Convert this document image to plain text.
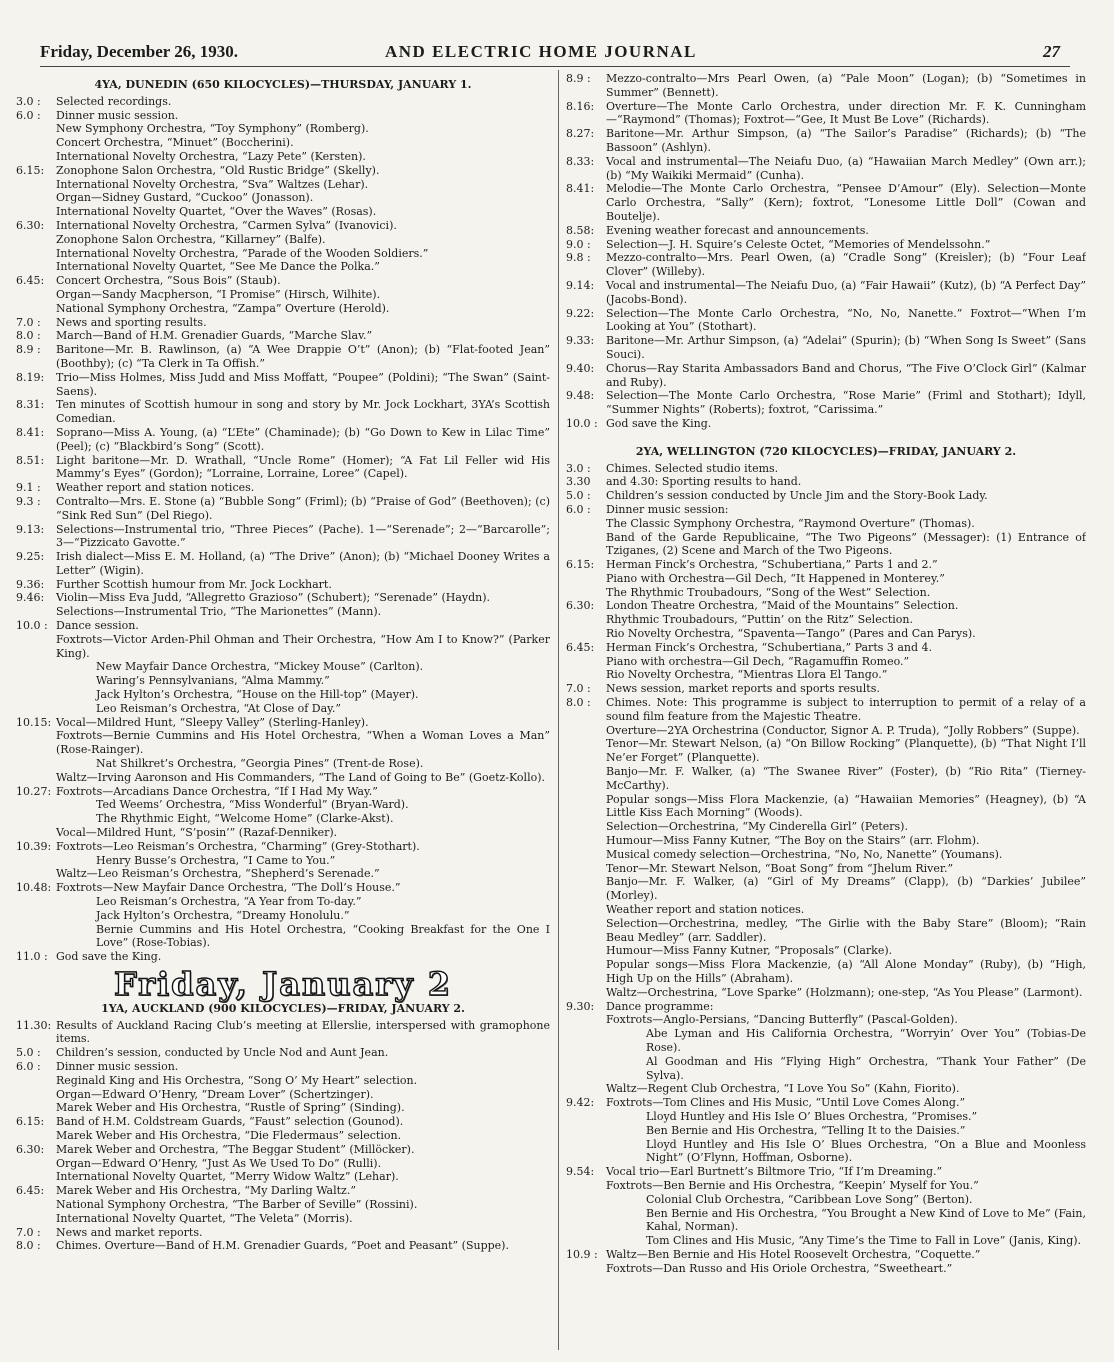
Friday, December 26, 1930.	AND ELECTRIC HOME JOURNAL	27
4YA, DUNEDIN (650 KILOCYCLES)—THURSDAY, JANUARY 1.
3.0 :	Selected recordings.
6.0 :	Dinner music session.
New Symphony Orchestra, “Toy Symphony” (Romberg).
Concert Orchestra, “Minuet” (Boccherini).
International Novelty Orchestra, “Lazy Pete” (Kersten).
6.15:	Zonophone Salon Orchestra, “Old Rustic Bridge” (Skelly).
International Novelty Orchestra, “Sva” Waltzes (Lehar).
Organ—Sidney Gustard, “Cuckoo” (Jonasson).
International Novelty Quartet, “Over the Waves” (Rosas).
6.30:	International Novelty Orchestra, “Carmen Sylva” (Ivanovici).
Zonophone Salon Orchestra, “Killarney” (Balfe).
International Novelty Orchestra, “Parade of the Wooden Soldiers.”
International Novelty Quartet, “See Me Dance the Polka.”
6.45:	Concert Orchestra, “Sous Bois” (Staub).
Organ—Sandy Macpherson, “I Promise” (Hirsch, Wilhite).
National Symphony Orchestra, “Zampa” Overture (Herold).
7.0 :	News and sporting results.
8.0 :	March—Band of H.M. Grenadier Guards, “Marche Slav.”
8.9 :	Baritone—Mr. B. Rawlinson, (a) “A Wee Drappie O’t” (Anon); (b) “Flat-footed Jean” (Boothby); (c) “Ta Clerk in Ta Offish.”
8.19:	Trio—Miss Holmes, Miss Judd and Miss Moffatt, “Poupee” (Poldini); “The Swan” (Saint-Saens).
8.31:	Ten minutes of Scottish humour in song and story by Mr. Jock Lockhart, 3YA’s Scottish Comedian.
8.41:	Soprano—Miss A. Young, (a) “L’Ete” (Chaminade); (b) “Go Down to Kew in Lilac Time” (Peel); (c) “Blackbird’s Song” (Scott).
8.51:	Light baritone—Mr. D. Wrathall, “Uncle Rome” (Homer); “A Fat Lil Feller wid His Mammy’s Eyes” (Gordon); “Lorraine, Lorraine, Loree” (Capel).
9.1 :	Weather report and station notices.
9.3 :	Contralto—Mrs. E. Stone (a) “Bubble Song” (Friml); (b) “Praise of God” (Beethoven); (c) “Sink Red Sun” (Del Riego).
9.13:	Selections—Instrumental trio, “Three Pieces” (Pache). 1—“Serenade”; 2—“Barcarolle”; 3—“Pizzicato Gavotte.”
9.25:	Irish dialect—Miss E. M. Holland, (a) “The Drive” (Anon); (b) “Michael Dooney Writes a Letter” (Wigin).
9.36:	Further Scottish humour from Mr. Jock Lockhart.
9.46:	Violin—Miss Eva Judd, “Allegretto Grazioso” (Schubert); “Serenade” (Haydn).
Selections—Instrumental Trio, “The Marionettes” (Mann).
10.0 : Dance session.
Foxtrots—Victor Arden-Phil Ohman and Their Orchestra, “How Am I to Know?” (Parker King).
New Mayfair Dance Orchestra, “Mickey Mouse” (Carlton).
Waring’s Pennsylvanians, “Alma Mammy.”
Jack Hylton’s Orchestra, “House on the Hill-top” (Mayer).
Leo Reisman’s Orchestra, “At Close of Day.”
10.15: Vocal—Mildred Hunt, “Sleepy Valley” (Sterling-Hanley).
Foxtrots—Bernie Cummins and His Hotel Orchestra, “When a Woman Loves a Man” (Rose-Rainger).
Nat Shilkret’s Orchestra, “Georgia Pines” (Trent-de Rose).
Waltz—Irving Aaronson and His Commanders, “The Land of Going to Be” (Goetz-Kollo).
10.27: Foxtrots—Arcadians Dance Orchestra, “If I Had My Way.”
Ted Weems’ Orchestra, “Miss Wonderful” (Bryan-Ward).
The Rhythmic Eight, “Welcome Home” (Clarke-Akst).
Vocal—Mildred Hunt, “S’posin’” (Razaf-Denniker).
10.39: Foxtrots—Leo Reisman’s Orchestra, “Charming” (Grey-Stothart).
Henry Busse’s Orchestra, “I Came to You.”
Waltz—Leo Reisman’s Orchestra, “Shepherd’s Serenade.”
10.48: Foxtrots—New Mayfair Dance Orchestra, “The Doll’s House.”
Leo Reisman’s Orchestra, “A Year from To-day.”
Jack Hylton’s Orchestra, “Dreamy Honolulu.”
Bernie Cummins and His Hotel Orchestra, “Cooking Breakfast for the One I Love” (Rose-Tobias).
11.0 : God save the King.
Friday, January 2
1YA, AUCKLAND (900 KILOCYCLES)—FRIDAY, JANUARY 2.
11.30: Results of Auckland Racing Club’s meeting at Ellerslie, interspersed with gramophone items.
5.0 :	Children’s session, conducted by Uncle Nod and Aunt Jean.
6.0 :	Dinner music session.
Reginald King and His Orchestra, “Song O’ My Heart” selection.
Organ—Edward O’Henry, “Dream Lover” (Schertzinger).
Marek Weber and His Orchestra, “Rustle of Spring” (Sinding).
6.15:	Band of H.M. Coldstream Guards, “Faust” selection (Gounod).
Marek Weber and His Orchestra, “Die Fledermaus” selection.
6.30:	Marek Weber and Orchestra, “The Beggar Student” (Millöcker).
Organ—Edward O’Henry, “Just As We Used To Do” (Rulli).
International Novelty Quartet, “Merry Widow Waltz” (Lehar).
6.45:	Marek Weber and His Orchestra, “My Darling Waltz.”
National Symphony Orchestra, “The Barber of Seville” (Rossini).
International Novelty Quartet, “The Veleta” (Morris).
7.0 :	News and market reports.
8.0 :	Chimes. Overture—Band of H.M. Grenadier Guards, “Poet and Peasant” (Suppe).
8.9 :	Mezzo-contralto—Mrs Pearl Owen, (a) “Pale Moon” (Logan); (b) “Sometimes in Summer” (Bennett).
8.16:	Overture—The Monte Carlo Orchestra, under direction Mr. F. K. Cunningham—“Raymond” (Thomas); Foxtrot—“Gee, It Must Be Love” (Richards).
8.27:	Baritone—Mr. Arthur Simpson, (a) “The Sailor’s Paradise” (Richards); (b) “The Bassoon” (Ashlyn).
8.33:	Vocal and instrumental—The Neiafu Duo, (a) “Hawaiian March Medley” (Own arr.); (b) “My Waikiki Mermaid” (Cunha).
8.41:	Melodie—The Monte Carlo Orchestra, “Pensee D’Amour” (Ely). Selection—Monte Carlo Orchestra, “Sally” (Kern); foxtrot, “Lonesome Little Doll” (Cowan and Boutelje).
8.58:	Evening weather forecast and announcements.
9.0 :	Selection—J. H. Squire’s Celeste Octet, “Memories of Mendelssohn.”
9.8 :	Mezzo-contralto—Mrs. Pearl Owen, (a) “Cradle Song” (Kreisler); (b) “Four Leaf Clover” (Willeby).
9.14:	Vocal and instrumental—The Neiafu Duo, (a) “Fair Hawaii” (Kutz), (b) “A Perfect Day” (Jacobs-Bond).
9.22:	Selection—The Monte Carlo Orchestra, “No, No, Nanette.” Foxtrot—“When I’m Looking at You” (Stothart).
9.33:	Baritone—Mr. Arthur Simpson, (a) “Adelai” (Spurin); (b) “When Song Is Sweet” (Sans Souci).
9.40:	Chorus—Ray Starita Ambassadors Band and Chorus, “The Five O’Clock Girl” (Kalmar and Ruby).
9.48:	Selection—The Monte Carlo Orchestra, “Rose Marie” (Friml and Stothart); Idyll, “Summer Nights” (Roberts); foxtrot, “Carissima.”
10.0 : God save the King.
2YA, WELLINGTON (720 KILOCYCLES)—FRIDAY, JANUARY 2.
3.0 :	Chimes. Selected studio items.
3.30	and 4.30: Sporting results to hand.
5.0 :	Children’s session conducted by Uncle Jim and the Story-Book Lady.
6.0 :	Dinner music session:
The Classic Symphony Orchestra, “Raymond Overture” (Thomas).
Band of the Garde Republicaine, “The Two Pigeons” (Messager): (1) Entrance of Tziganes, (2) Scene and March of the Two Pigeons.
6.15:	Herman Finck’s Orchestra, “Schubertiana,” Parts 1 and 2.”
Piano with Orchestra—Gil Dech, “It Happened in Monterey.”
The Rhythmic Troubadours, “Song of the West” Selection.
6.30:	London Theatre Orchestra, “Maid of the Mountains” Selection.
Rhythmic Troubadours, “Puttin’ on the Ritz” Selection.
Rio Novelty Orchestra, “Spaventa—Tango” (Pares and Can Parys).
6.45:	Herman Finck’s Orchestra, “Schubertiana,” Parts 3 and 4.
Piano with orchestra—Gil Dech, “Ragamuffin Romeo.”
Rio Novelty Orchestra, “Mientras Llora El Tango.”
7.0 :	News session, market reports and sports results.
8.0 :	Chimes. Note: This programme is subject to interruption to permit of a relay of a sound film feature from the Majestic Theatre.
Overture—2YA Orchestrina (Conductor, Signor A. P. Truda), “Jolly Robbers” (Suppe).
Tenor—Mr. Stewart Nelson, (a) “On Billow Rocking” (Planquette), (b) “That Night I’ll Ne’er Forget” (Planquette).
Banjo—Mr. F. Walker, (a) “The Swanee River” (Foster), (b) “Rio Rita” (Tierney-McCarthy).
Popular songs—Miss Flora Mackenzie, (a) “Hawaiian Memories” (Heagney), (b) “A Little Kiss Each Morning” (Woods).
Selection—Orchestrina, “My Cinderella Girl” (Peters).
Humour—Miss Fanny Kutner, “The Boy on the Stairs” (arr. Flohm).
Musical comedy selection—Orchestrina, “No, No, Nanette” (Youmans).
Tenor—Mr. Stewart Nelson, “Boat Song” from “Jhelum River.”
Banjo—Mr. F. Walker, (a) “Girl of My Dreams” (Clapp), (b) “Darkies’ Jubilee” (Morley).
Weather report and station notices.
Selection—Orchestrina, medley, “The Girlie with the Baby Stare” (Bloom); “Rain Beau Medley” (arr. Saddler).
Humour—Miss Fanny Kutner, “Proposals” (Clarke).
Popular songs—Miss Flora Mackenzie, (a) “All Alone Monday” (Ruby), (b) “High, High Up on the Hills” (Abraham).
Waltz—Orchestrina, “Love Sparke” (Holzmann); one-step, “As You Please” (Larmont).
9.30:	Dance programme:
Foxtrots—Anglo-Persians, “Dancing Butterfly” (Pascal-Golden).
Abe Lyman and His California Orchestra, “Worryin’ Over You” (Tobias-De Rose).
Al Goodman and His “Flying High” Orchestra, “Thank Your Father” (De Sylva).
Waltz—Regent Club Orchestra, “I Love You So” (Kahn, Fiorito).
9.42:	Foxtrots—Tom Clines and His Music, “Until Love Comes Along.”
Lloyd Huntley and His Isle O’ Blues Orchestra, “Promises.”
Ben Bernie and His Orchestra, “Telling It to the Daisies.”
Lloyd Huntley and His Isle O’ Blues Orchestra, “On a Blue and Moonless Night” (O’Flynn, Hoffman, Osborne).
9.54:	Vocal trio—Earl Burtnett’s Biltmore Trio, “If I’m Dreaming.”
Foxtrots—Ben Bernie and His Orchestra, “Keepin’ Myself for You.”
Colonial Club Orchestra, “Caribbean Love Song” (Berton).
Ben Bernie and His Orchestra, “You Brought a New Kind of Love to Me” (Fain, Kahal, Norman).
Tom Clines and His Music, “Any Time’s the Time to Fall in Love” (Janis, King).
10.9 : Waltz—Ben Bernie and His Hotel Roosevelt Orchestra, “Coquette.”
Foxtrots—Dan Russo and His Oriole Orchestra, “Sweetheart.”
